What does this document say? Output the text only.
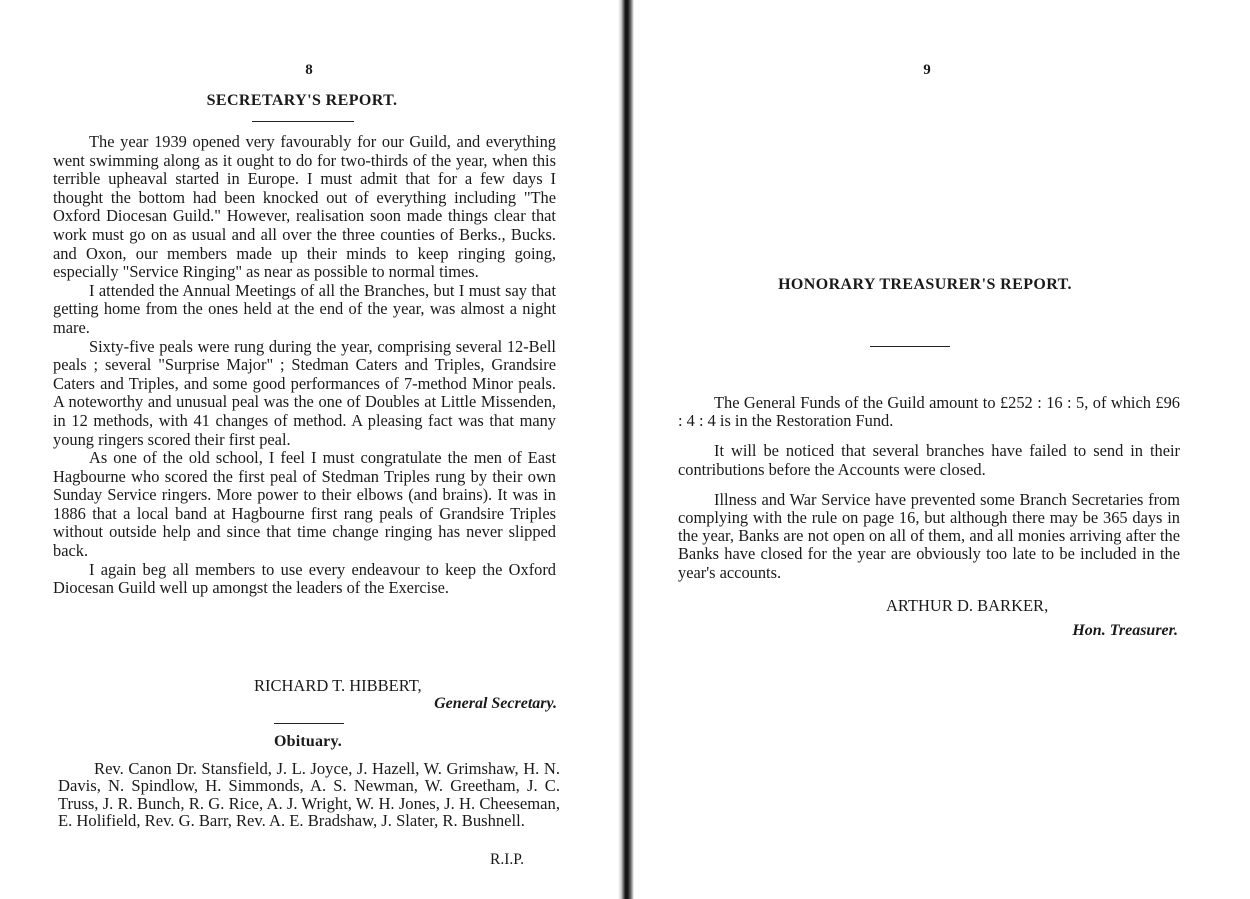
8
SECRETARY'S REPORT.

The year 1939 opened very favourably for our Guild, and everything went swimming along as it ought to do for two-thirds of the year, when this terrible upheaval started in Europe. I must admit that for a few days I thought the bottom had been knocked out of everything including "The Oxford Diocesan Guild." However, realisation soon made things clear that work must go on as usual and all over the three counties of Berks., Bucks. and Oxon, our members made up their minds to keep ringing going, especially "Service Ringing" as near as possible to normal times.

I attended the Annual Meetings of all the Branches, but I must say that getting home from the ones held at the end of the year, was almost a night mare.

Sixty-five peals were rung during the year, comprising several 12-Bell peals ; several "Surprise Major" ; Stedman Caters and Triples, Grandsire Caters and Triples, and some good performances of 7-method Minor peals. A noteworthy and unusual peal was the one of Doubles at Little Missenden, in 12 methods, with 41 changes of method. A pleasing fact was that many young ringers scored their first peal.

As one of the old school, I feel I must congratulate the men of East Hagbourne who scored the first peal of Stedman Triples rung by their own Sunday Service ringers. More power to their elbows (and brains). It was in 1886 that a local band at Hagbourne first rang peals of Grandsire Triples without outside help and since that time change ringing has never slipped back.

I again beg all members to use every endeavour to keep the Oxford Diocesan Guild well up amongst the leaders of the Exercise.

RICHARD T. HIBBERT,
General Secretary.
Obituary.

Rev. Canon Dr. Stansfield, J. L. Joyce, J. Hazell, W. Grimshaw, H. N. Davis, N. Spindlow, H. Simmonds, A. S. Newman, W. Greetham, J. C. Truss, J. R. Bunch, R. G. Rice, A. J. Wright, W. H. Jones, J. H. Cheeseman, E. Holifield, Rev. G. Barr, Rev. A. E. Bradshaw, J. Slater, R. Bushnell.

R.I.P.
9
HONORARY TREASURER'S REPORT.

The General Funds of the Guild amount to £252 : 16 : 5, of which £96 : 4 : 4 is in the Restoration Fund.

It will be noticed that several branches have failed to send in their contributions before the Accounts were closed.

Illness and War Service have prevented some Branch Secretaries from complying with the rule on page 16, but although there may be 365 days in the year, Banks are not open on all of them, and all monies arriving after the Banks have closed for the year are obviously too late to be included in the year's accounts.

ARTHUR D. BARKER,
Hon. Treasurer.
